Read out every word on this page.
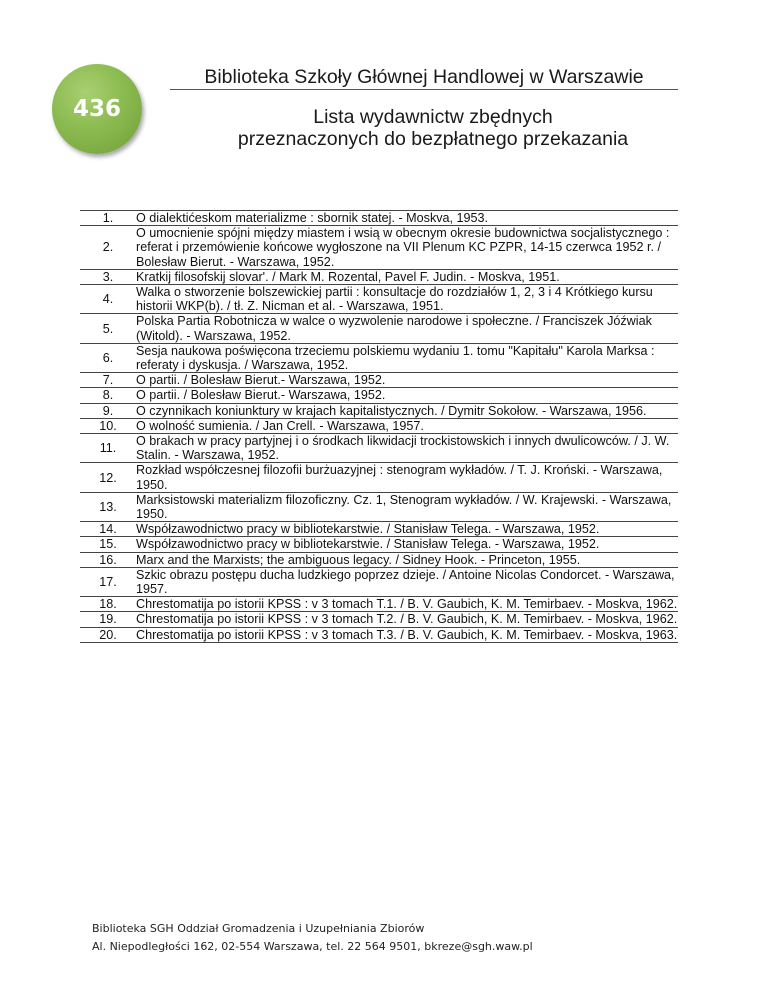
436
Biblioteka Szkoły Głównej Handlowej w Warszawie
Lista wydawnictw zbędnych
przeznaczonych do bezpłatnego przekazania
1.	O dialektićeskom materializme : sbornik statej. - Moskva, 1953.
2.	O umocnienie spójni między miastem i wsią w obecnym okresie budownictwa socjalistycznego : referat i przemówienie końcowe wygłoszone na VII Plenum KC PZPR, 14-15 czerwca 1952 r. / Bolesław Bierut. - Warszawa, 1952.
3.	Kratkij filosofskij slovar'. / Mark M. Rozental, Pavel F. Judin. - Moskva, 1951.
4.	Walka o stworzenie bolszewickiej partii : konsultacje do rozdziałów 1, 2, 3 i 4 Krótkiego kursu historii WKP(b). / tł. Z. Nicman et al. - Warszawa, 1951.
5.	Polska Partia Robotnicza w walce o wyzwolenie narodowe i społeczne. / Franciszek Jóźwiak (Witold). - Warszawa, 1952.
6.	Sesja naukowa poświęcona trzeciemu polskiemu wydaniu 1. tomu "Kapitału" Karola Marksa : referaty i dyskusja. / Warszawa, 1952.
7.	O partii. / Bolesław Bierut.- Warszawa, 1952.
8.	O partii. / Bolesław Bierut.- Warszawa, 1952.
9.	O czynnikach koniunktury w krajach kapitalistycznych. / Dymitr Sokołow. - Warszawa, 1956.
10.	O wolność sumienia. / Jan Crell. - Warszawa, 1957.
11.	O brakach w pracy partyjnej i o środkach likwidacji trockistowskich i innych dwulicowców. / J. W. Stalin. - Warszawa, 1952.
12.	Rozkład współczesnej filozofii burżuazyjnej : stenogram wykładów. / T. J. Kroński. - Warszawa, 1950.
13.	Marksistowski materializm filozoficzny. Cz. 1, Stenogram wykładów. / W. Krajewski. - Warszawa, 1950.
14.	Współzawodnictwo pracy w bibliotekarstwie. / Stanisław Telega. - Warszawa, 1952.
15.	Współzawodnictwo pracy w bibliotekarstwie. / Stanisław Telega. - Warszawa, 1952.
16.	Marx and the Marxists; the ambiguous legacy. / Sidney Hook. - Princeton, 1955.
17.	Szkic obrazu postępu ducha ludzkiego poprzez dzieje. / Antoine Nicolas Condorcet. - Warszawa, 1957.
18.	Chrestomatija po istorii KPSS : v 3 tomach T.1. / B. V. Gaubich, K. M. Temirbaev. - Moskva, 1962.
19.	Chrestomatija po istorii KPSS : v 3 tomach T.2. / B. V. Gaubich, K. M. Temirbaev. - Moskva, 1962.
20.	Chrestomatija po istorii KPSS : v 3 tomach T.3. / B. V. Gaubich, K. M. Temirbaev. - Moskva, 1963.
Biblioteka SGH Oddział Gromadzenia i Uzupełniania Zbiorów
Al. Niepodległości 162, 02-554 Warszawa, tel. 22 564 9501, bkreze@sgh.waw.pl
